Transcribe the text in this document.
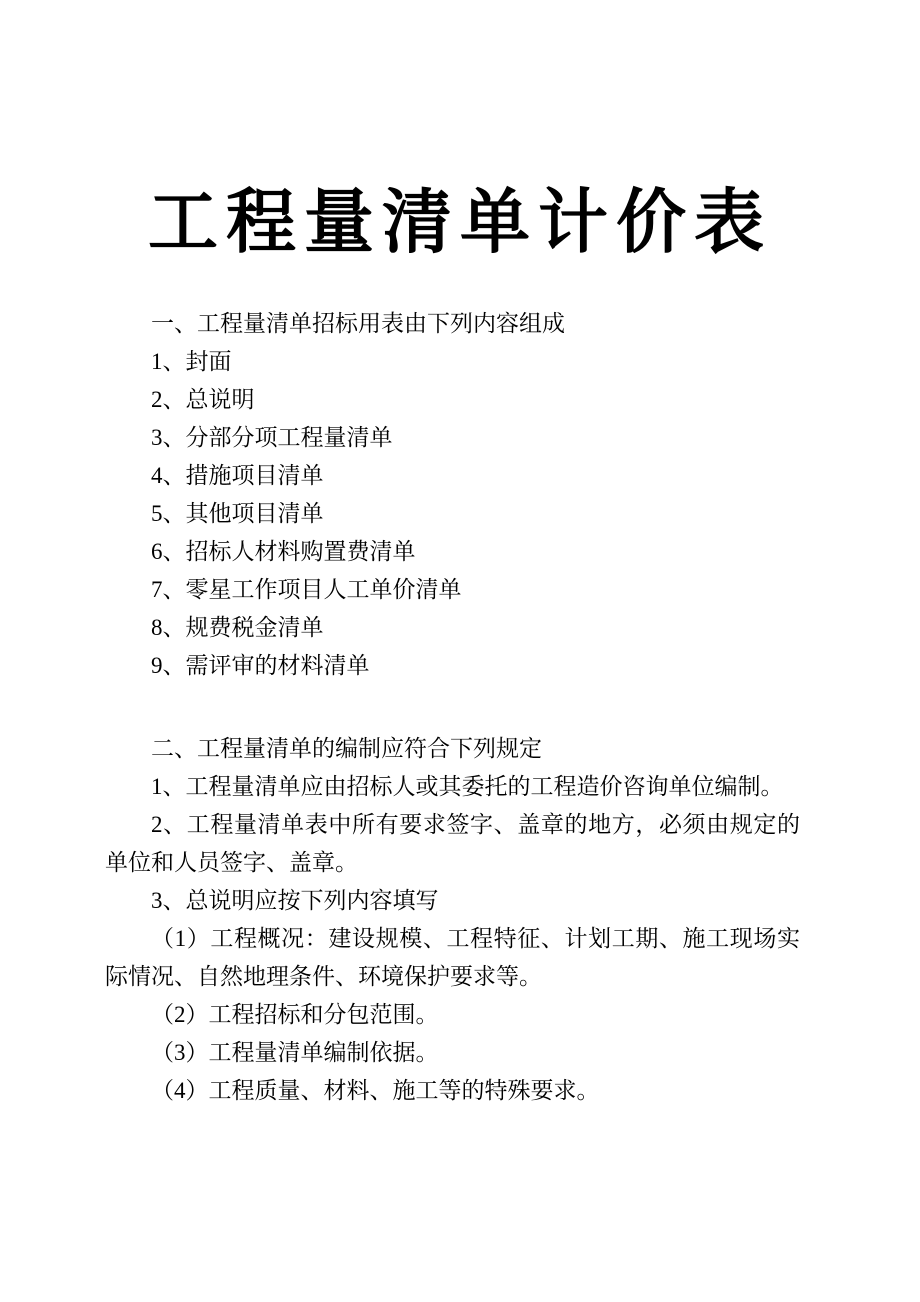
工程量清单计价表

一、工程量清单招标用表由下列内容组成

1、封面

2、总说明

3、分部分项工程量清单

4、措施项目清单

5、其他项目清单

6、招标人材料购置费清单

7、零星工作项目人工单价清单

8、规费税金清单

9、需评审的材料清单

二、工程量清单的编制应符合下列规定

1、工程量清单应由招标人或其委托的工程造价咨询单位编制。

2、工程量清单表中所有要求签字、盖章的地方，必须由规定的单位和人员签字、盖章。

3、总说明应按下列内容填写

（1）工程概况：建设规模、工程特征、计划工期、施工现场实际情况、自然地理条件、环境保护要求等。

（2）工程招标和分包范围。

（3）工程量清单编制依据。

（4）工程质量、材料、施工等的特殊要求。
